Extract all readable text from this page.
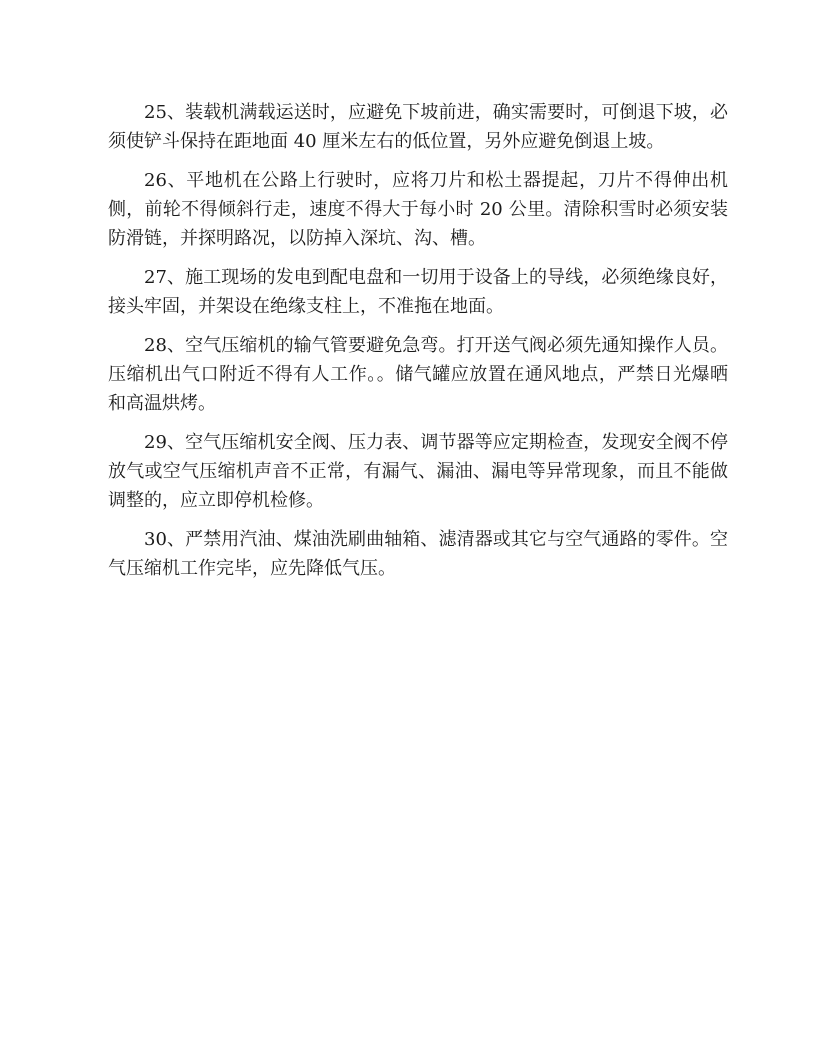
25、装载机满载运送时，应避免下坡前进，确实需要时，可倒退下坡，必须使铲斗保持在距地面 40 厘米左右的低位置，另外应避免倒退上坡。

26、平地机在公路上行驶时，应将刀片和松土器提起，刀片不得伸出机侧，前轮不得倾斜行走，速度不得大于每小时 20 公里。清除积雪时必须安装防滑链，并探明路况，以防掉入深坑、沟、槽。

27、施工现场的发电到配电盘和一切用于设备上的导线，必须绝缘良好，接头牢固，并架设在绝缘支柱上，不准拖在地面。

28、空气压缩机的输气管要避免急弯。打开送气阀必须先通知操作人员。压缩机出气口附近不得有人工作。。储气罐应放置在通风地点，严禁日光爆晒和高温烘烤。

29、空气压缩机安全阀、压力表、调节器等应定期检查，发现安全阀不停放气或空气压缩机声音不正常，有漏气、漏油、漏电等异常现象，而且不能做调整的，应立即停机检修。

30、严禁用汽油、煤油洗刷曲轴箱、滤清器或其它与空气通路的零件。空气压缩机工作完毕，应先降低气压。
